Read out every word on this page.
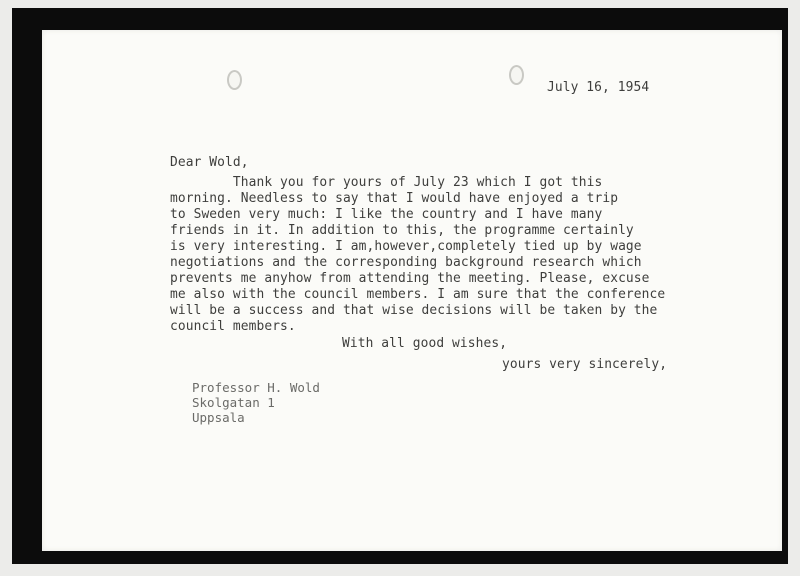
July 16, 1954
Dear Wold,
Thank you for yours of July 23 which I got this
morning. Needless to say that I would have enjoyed a trip
to Sweden very much: I like the country and I have many
friends in it. In addition to this, the programme certainly
is very interesting. I am,however,completely tied up by wage
negotiations and the corresponding background research which
prevents me anyhow from attending the meeting. Please, excuse
me also with the council members. I am sure that the conference
will be a success and that wise decisions will be taken by the
council members.
With all good wishes,
yours very sincerely,
Professor H. Wold
Skolgatan 1
Uppsala
